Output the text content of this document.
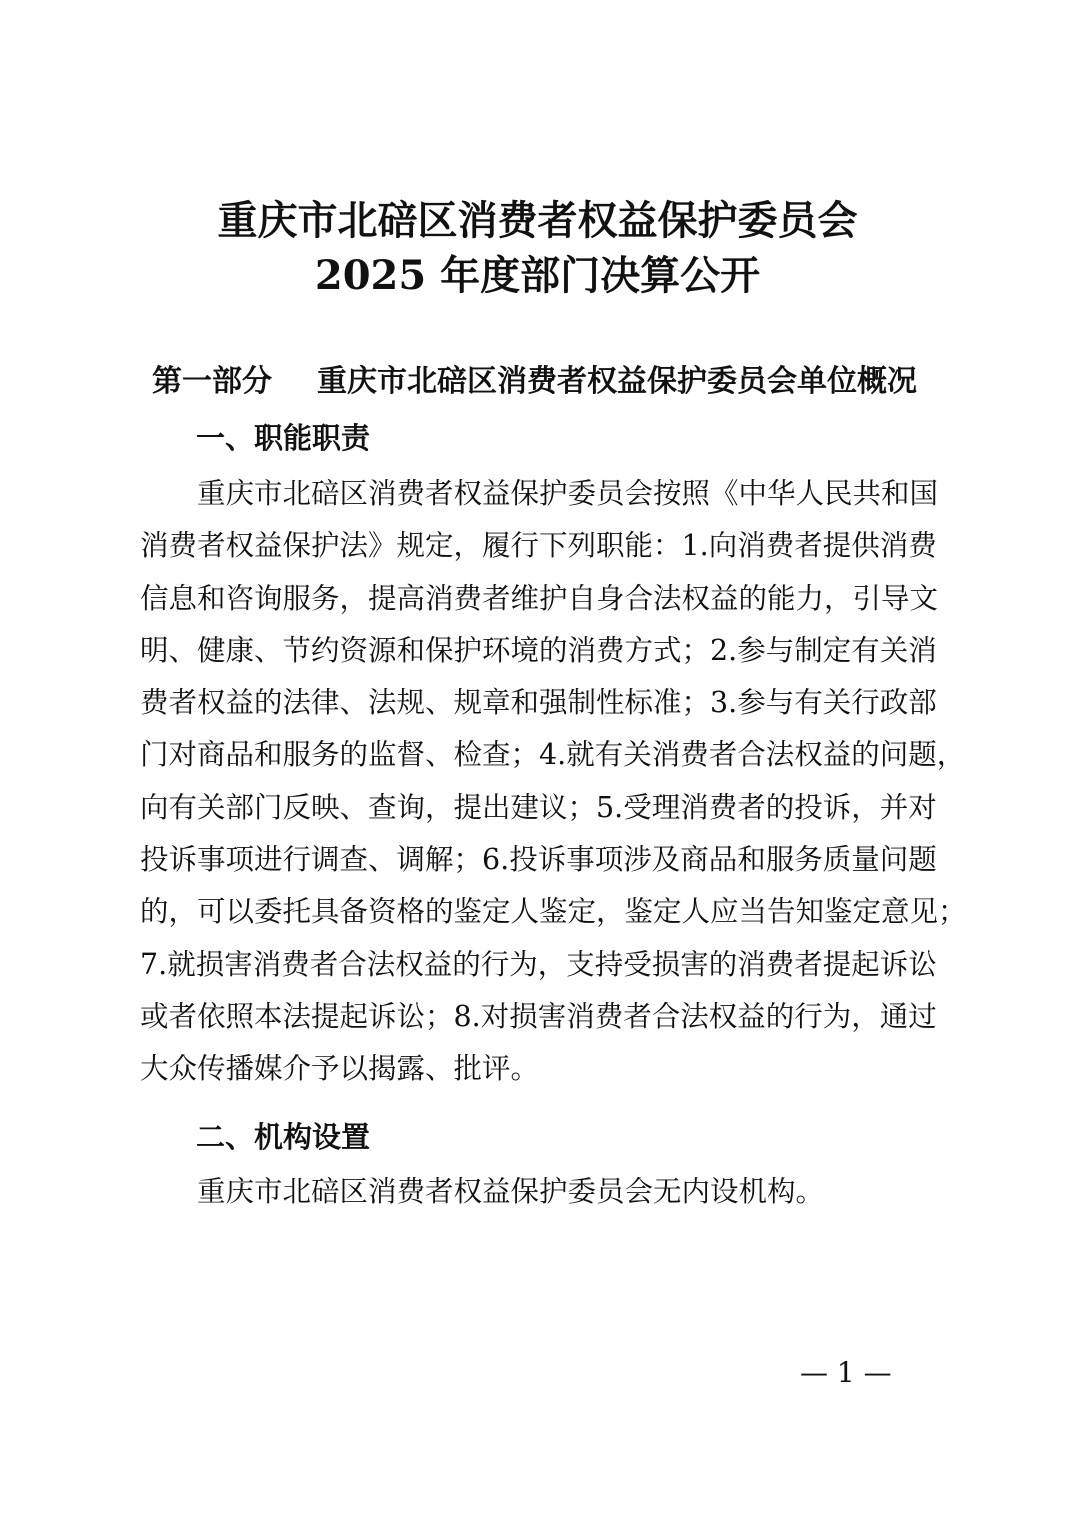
重庆市北碚区消费者权益保护委员会
2025 年度部门决算公开
第一部分 重庆市北碚区消费者权益保护委员会单位概况
一、职能职责
重庆市北碚区消费者权益保护委员会按照《中华人民共和国
消费者权益保护法》规定，履行下列职能：1.向消费者提供消费
信息和咨询服务，提高消费者维护自身合法权益的能力，引导文
明、健康、节约资源和保护环境的消费方式；2.参与制定有关消
费者权益的法律、法规、规章和强制性标准；3.参与有关行政部
门对商品和服务的监督、检查；4.就有关消费者合法权益的问题，
向有关部门反映、查询，提出建议；5.受理消费者的投诉，并对
投诉事项进行调查、调解；6.投诉事项涉及商品和服务质量问题
的，可以委托具备资格的鉴定人鉴定，鉴定人应当告知鉴定意见；
7.就损害消费者合法权益的行为，支持受损害的消费者提起诉讼
或者依照本法提起诉讼；8.对损害消费者合法权益的行为，通过
大众传播媒介予以揭露、批评。
二、机构设置
重庆市北碚区消费者权益保护委员会无内设机构。
— 1 —
